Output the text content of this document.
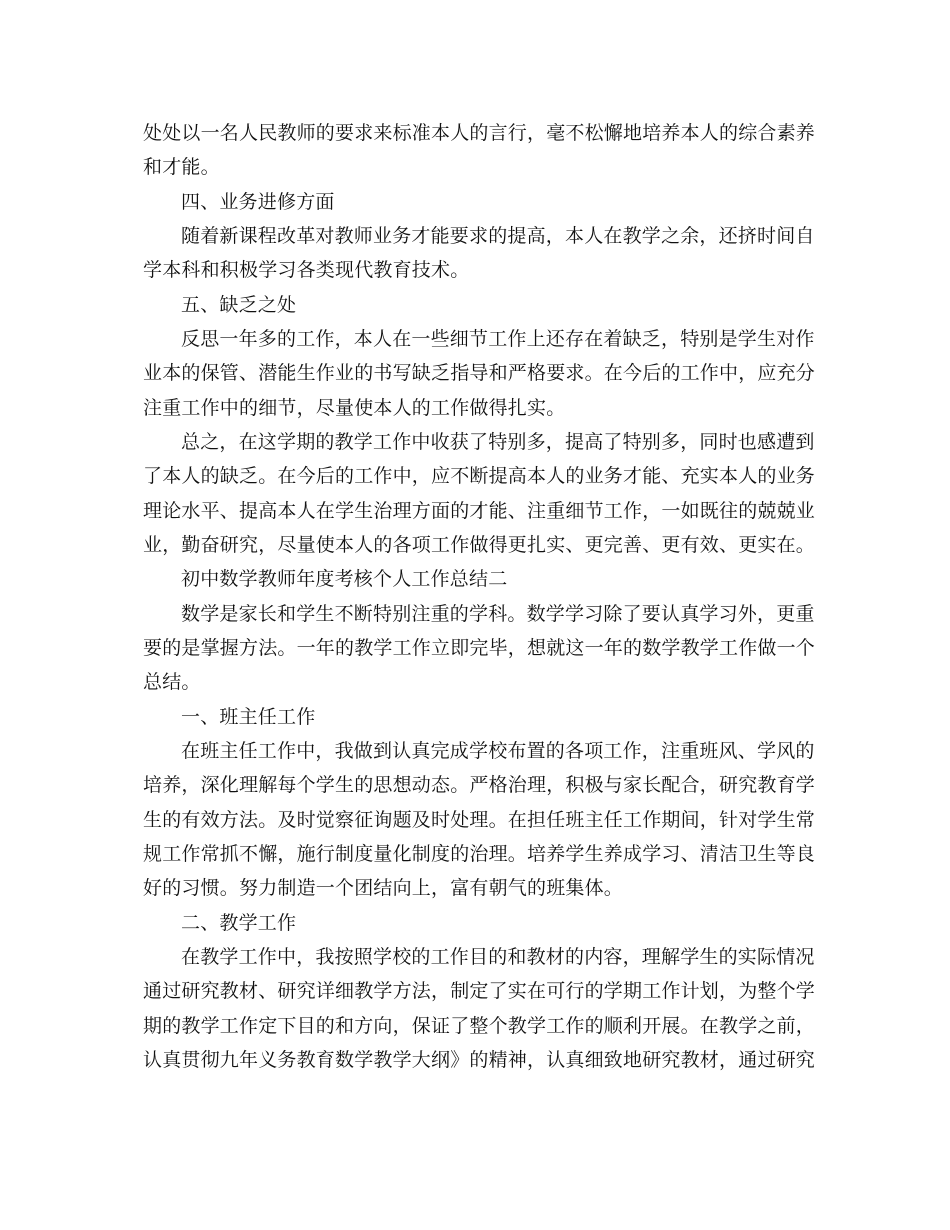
处处以一名人民教师的要求来标准本人的言行，毫不松懈地培养本人的综合素养

和才能。

四、业务进修方面

随着新课程改革对教师业务才能要求的提高，本人在教学之余，还挤时间自

学本科和积极学习各类现代教育技术。

五、缺乏之处

反思一年多的工作，本人在一些细节工作上还存在着缺乏，特别是学生对作

业本的保管、潜能生作业的书写缺乏指导和严格要求。在今后的工作中，应充分

注重工作中的细节，尽量使本人的工作做得扎实。

总之，在这学期的教学工作中收获了特别多，提高了特别多，同时也感遭到

了本人的缺乏。在今后的工作中，应不断提高本人的业务才能、充实本人的业务

理论水平、提高本人在学生治理方面的才能、注重细节工作，一如既往的兢兢业

业，勤奋研究，尽量使本人的各项工作做得更扎实、更完善、更有效、更实在。

初中数学教师年度考核个人工作总结二

数学是家长和学生不断特别注重的学科。数学学习除了要认真学习外，更重

要的是掌握方法。一年的教学工作立即完毕，想就这一年的数学教学工作做一个

总结。

一、班主任工作

在班主任工作中，我做到认真完成学校布置的各项工作，注重班风、学风的

培养，深化理解每个学生的思想动态。严格治理，积极与家长配合，研究教育学

生的有效方法。及时觉察征询题及时处理。在担任班主任工作期间，针对学生常

规工作常抓不懈，施行制度量化制度的治理。培养学生养成学习、清洁卫生等良

好的习惯。努力制造一个团结向上，富有朝气的班集体。

二、教学工作

在教学工作中，我按照学校的工作目的和教材的内容，理解学生的实际情况

通过研究教材、研究详细教学方法，制定了实在可行的学期工作计划，为整个学

期的教学工作定下目的和方向，保证了整个教学工作的顺利开展。在教学之前，

认真贯彻九年义务教育数学教学大纲》的精神，认真细致地研究教材，通过研究
